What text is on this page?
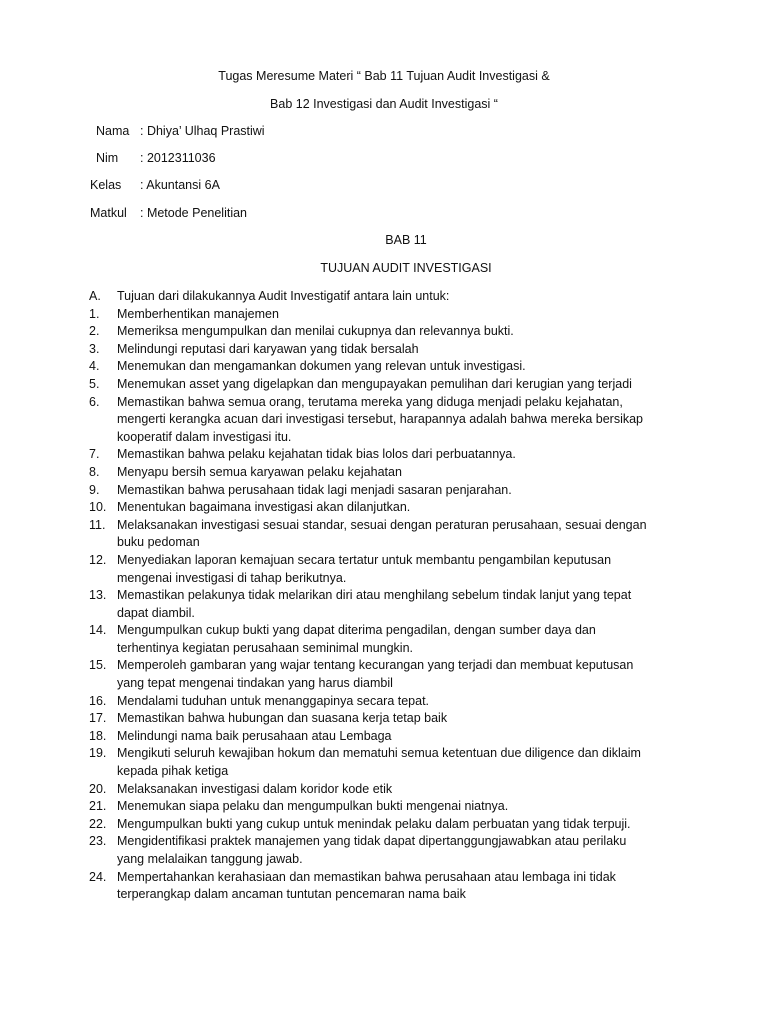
Tugas Meresume Materi “ Bab 11 Tujuan Audit Investigasi &
Bab 12 Investigasi dan Audit Investigasi “
Nama : Dhiya’ Ulhaq Prastiwi
Nim : 2012311036
Kelas : Akuntansi 6A
Matkul : Metode Penelitian
BAB 11
TUJUAN AUDIT INVESTIGASI
A. Tujuan dari dilakukannya Audit Investigatif antara lain untuk:
1. Memberhentikan manajemen
2. Memeriksa mengumpulkan dan menilai cukupnya dan relevannya bukti.
3. Melindungi reputasi dari karyawan yang tidak bersalah
4. Menemukan dan mengamankan dokumen yang relevan untuk investigasi.
5. Menemukan asset yang digelapkan dan mengupayakan pemulihan dari kerugian yang terjadi
6. Memastikan bahwa semua orang, terutama mereka yang diduga menjadi pelaku kejahatan,
mengerti kerangka acuan dari investigasi tersebut, harapannya adalah bahwa mereka bersikap
kooperatif dalam investigasi itu.
7. Memastikan bahwa pelaku kejahatan tidak bias lolos dari perbuatannya.
8. Menyapu bersih semua karyawan pelaku kejahatan
9. Memastikan bahwa perusahaan tidak lagi menjadi sasaran penjarahan.
10. Menentukan bagaimana investigasi akan dilanjutkan.
11. Melaksanakan investigasi sesuai standar, sesuai dengan peraturan perusahaan, sesuai dengan
buku pedoman
12. Menyediakan laporan kemajuan secara tertatur untuk membantu pengambilan keputusan
mengenai investigasi di tahap berikutnya.
13. Memastikan pelakunya tidak melarikan diri atau menghilang sebelum tindak lanjut yang tepat
dapat diambil.
14. Mengumpulkan cukup bukti yang dapat diterima pengadilan, dengan sumber daya dan
terhentinya kegiatan perusahaan seminimal mungkin.
15. Memperoleh gambaran yang wajar tentang kecurangan yang terjadi dan membuat keputusan
yang tepat mengenai tindakan yang harus diambil
16. Mendalami tuduhan untuk menanggapinya secara tepat.
17. Memastikan bahwa hubungan dan suasana kerja tetap baik
18. Melindungi nama baik perusahaan atau Lembaga
19. Mengikuti seluruh kewajiban hokum dan mematuhi semua ketentuan due diligence dan diklaim
kepada pihak ketiga
20. Melaksanakan investigasi dalam koridor kode etik
21. Menemukan siapa pelaku dan mengumpulkan bukti mengenai niatnya.
22. Mengumpulkan bukti yang cukup untuk menindak pelaku dalam perbuatan yang tidak terpuji.
23. Mengidentifikasi praktek manajemen yang tidak dapat dipertanggungjawabkan atau perilaku
yang melalaikan tanggung jawab.
24. Mempertahankan kerahasiaan dan memastikan bahwa perusahaan atau lembaga ini tidak
terperangkap dalam ancaman tuntutan pencemaran nama baik
